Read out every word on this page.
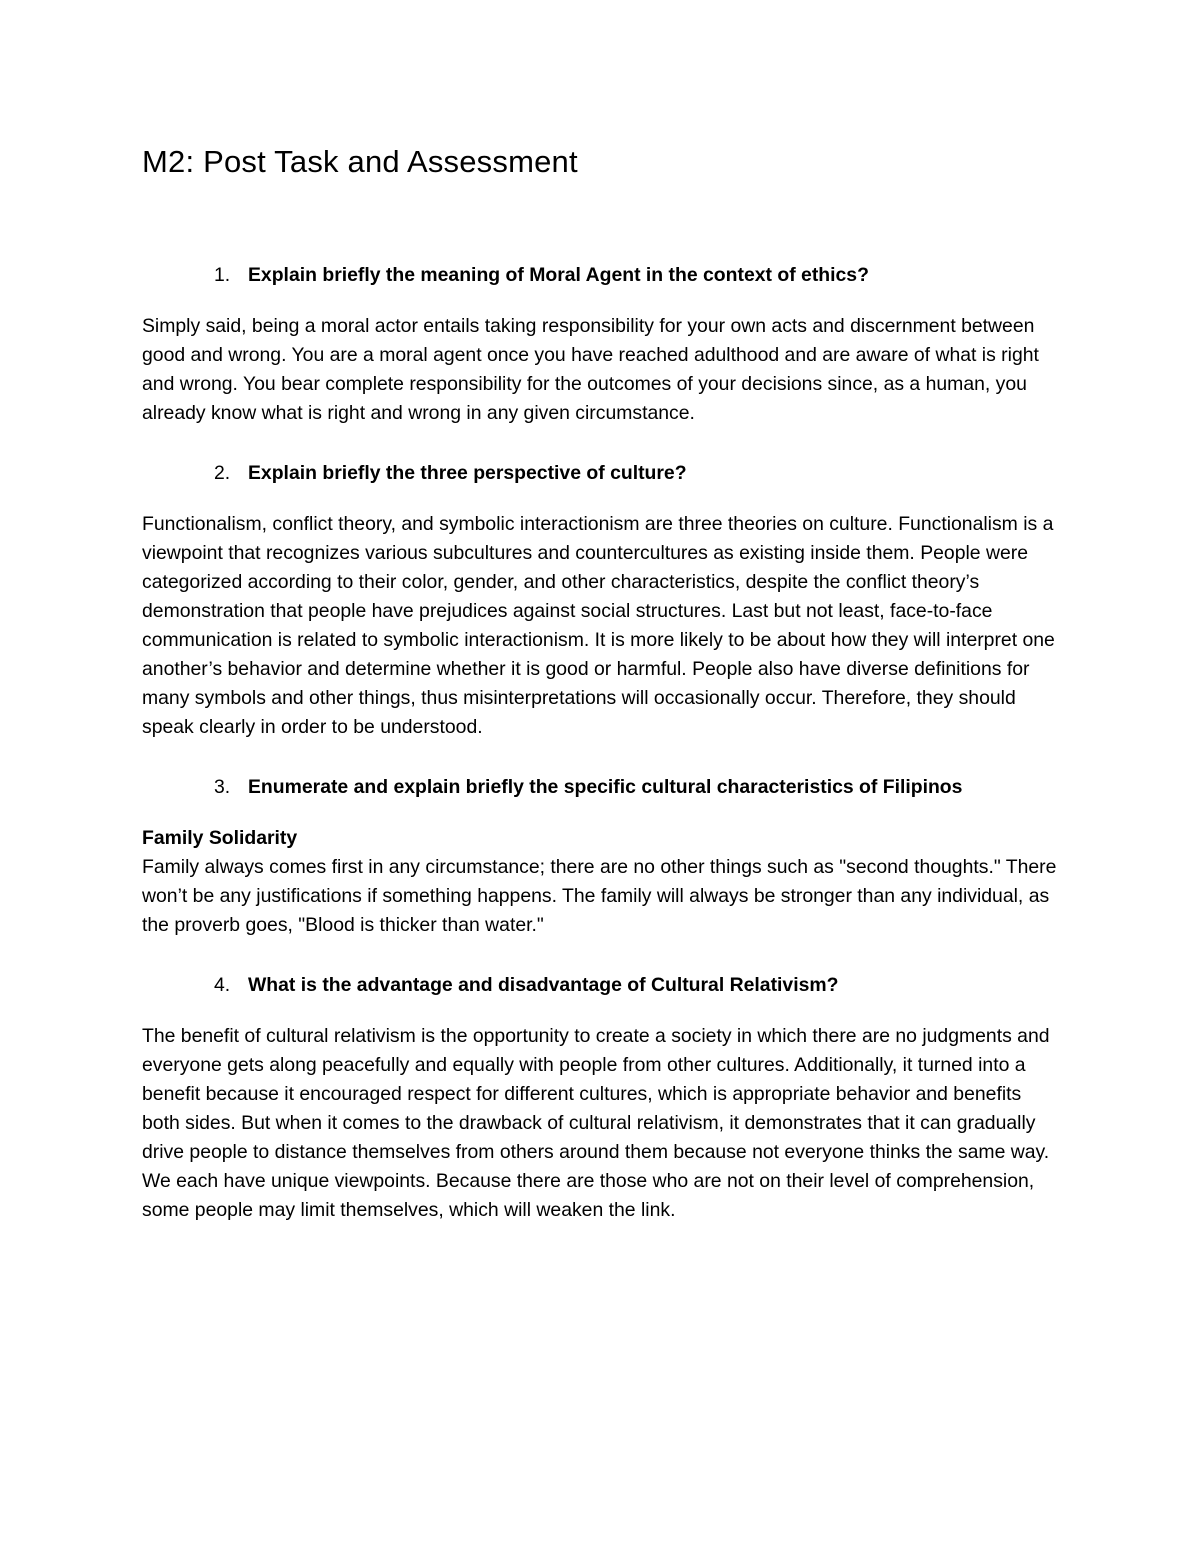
M2: Post Task and Assessment
1. Explain briefly the meaning of Moral Agent in the context of ethics?

Simply said, being a moral actor entails taking responsibility for your own acts and discernment between good and wrong. You are a moral agent once you have reached adulthood and are aware of what is right and wrong. You bear complete responsibility for the outcomes of your decisions since, as a human, you already know what is right and wrong in any given circumstance.

2. Explain briefly the three perspective of culture?

Functionalism, conflict theory, and symbolic interactionism are three theories on culture. Functionalism is a viewpoint that recognizes various subcultures and countercultures as existing inside them. People were categorized according to their color, gender, and other characteristics, despite the conflict theory’s demonstration that people have prejudices against social structures. Last but not least, face-to-face communication is related to symbolic interactionism. It is more likely to be about how they will interpret one another’s behavior and determine whether it is good or harmful. People also have diverse definitions for many symbols and other things, thus misinterpretations will occasionally occur. Therefore, they should speak clearly in order to be understood.

3. Enumerate and explain briefly the specific cultural characteristics of Filipinos

Family Solidarity

Family always comes first in any circumstance; there are no other things such as "second thoughts." There won’t be any justifications if something happens. The family will always be stronger than any individual, as the proverb goes, "Blood is thicker than water."

4. What is the advantage and disadvantage of Cultural Relativism?

The benefit of cultural relativism is the opportunity to create a society in which there are no judgments and everyone gets along peacefully and equally with people from other cultures. Additionally, it turned into a benefit because it encouraged respect for different cultures, which is appropriate behavior and benefits both sides. But when it comes to the drawback of cultural relativism, it demonstrates that it can gradually drive people to distance themselves from others around them because not everyone thinks the same way. We each have unique viewpoints. Because there are those who are not on their level of comprehension, some people may limit themselves, which will weaken the link.
